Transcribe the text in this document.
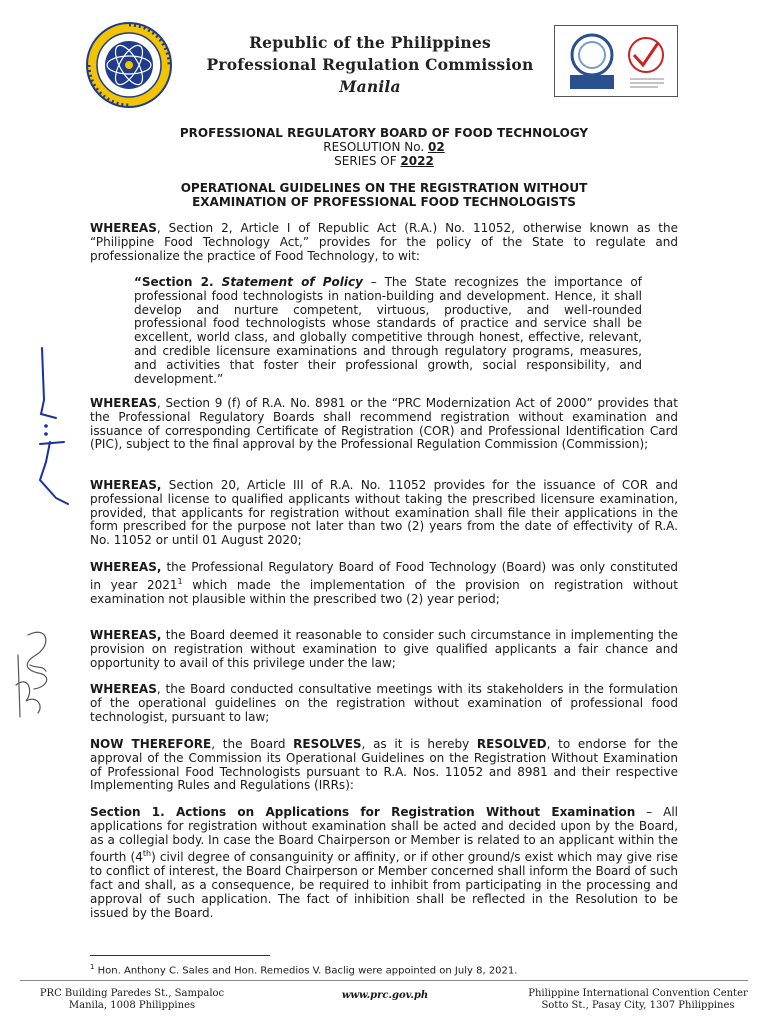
Republic of the Philippines
Professional Regulation Commission
Manila
PROFESSIONAL REGULATORY BOARD OF FOOD TECHNOLOGY
RESOLUTION No. 02
SERIES OF 2022
OPERATIONAL GUIDELINES ON THE REGISTRATION WITHOUT
EXAMINATION OF PROFESSIONAL FOOD TECHNOLOGISTS

WHEREAS, Section 2, Article I of Republic Act (R.A.) No. 11052, otherwise known as the “Philippine Food Technology Act,” provides for the policy of the State to regulate and professionalize the practice of Food Technology, to wit:

“Section 2. Statement of Policy – The State recognizes the importance of professional food technologists in nation-building and development. Hence, it shall develop and nurture competent, virtuous, productive, and well-rounded professional food technologists whose standards of practice and service shall be excellent, world class, and globally competitive through honest, effective, relevant, and credible licensure examinations and through regulatory programs, measures, and activities that foster their professional growth, social responsibility, and development.”

WHEREAS, Section 9 (f) of R.A. No. 8981 or the “PRC Modernization Act of 2000” provides that the Professional Regulatory Boards shall recommend registration without examination and issuance of corresponding Certificate of Registration (COR) and Professional Identification Card (PIC), subject to the final approval by the Professional Regulation Commission (Commission);

WHEREAS, Section 20, Article III of R.A. No. 11052 provides for the issuance of COR and professional license to qualified applicants without taking the prescribed licensure examination, provided, that applicants for registration without examination shall file their applications in the form prescribed for the purpose not later than two (2) years from the date of effectivity of R.A. No. 11052 or until 01 August 2020;

WHEREAS, the Professional Regulatory Board of Food Technology (Board) was only constituted in year 2021$^1$ which made the implementation of the provision on registration without examination not plausible within the prescribed two (2) year period;

WHEREAS, the Board deemed it reasonable to consider such circumstance in implementing the provision on registration without examination to give qualified applicants a fair chance and opportunity to avail of this privilege under the law;

WHEREAS, the Board conducted consultative meetings with its stakeholders in the formulation of the operational guidelines on the registration without examination of professional food technologist, pursuant to law;

NOW THEREFORE, the Board RESOLVES, as it is hereby RESOLVED, to endorse for the approval of the Commission its Operational Guidelines on the Registration Without Examination of Professional Food Technologists pursuant to R.A. Nos. 11052 and 8981 and their respective Implementing Rules and Regulations (IRRs):

Section 1. Actions on Applications for Registration Without Examination – All applications for registration without examination shall be acted and decided upon by the Board, as a collegial body. In case the Board Chairperson or Member is related to an applicant within the fourth (4th) civil degree of consanguinity or affinity, or if other ground/s exist which may give rise to conflict of interest, the Board Chairperson or Member concerned shall inform the Board of such fact and shall, as a consequence, be required to inhibit from participating in the processing and approval of such application. The fact of inhibition shall be reflected in the Resolution to be issued by the Board.

$^1$ Hon. Anthony C. Sales and Hon. Remedios V. Baclig were appointed on July 8, 2021.
PRC Building Paredes St., Sampaloc
Manila, 1008 Philippines
www.prc.gov.ph	Philippine International Convention Center
Sotto St., Pasay City, 1307 Philippines
